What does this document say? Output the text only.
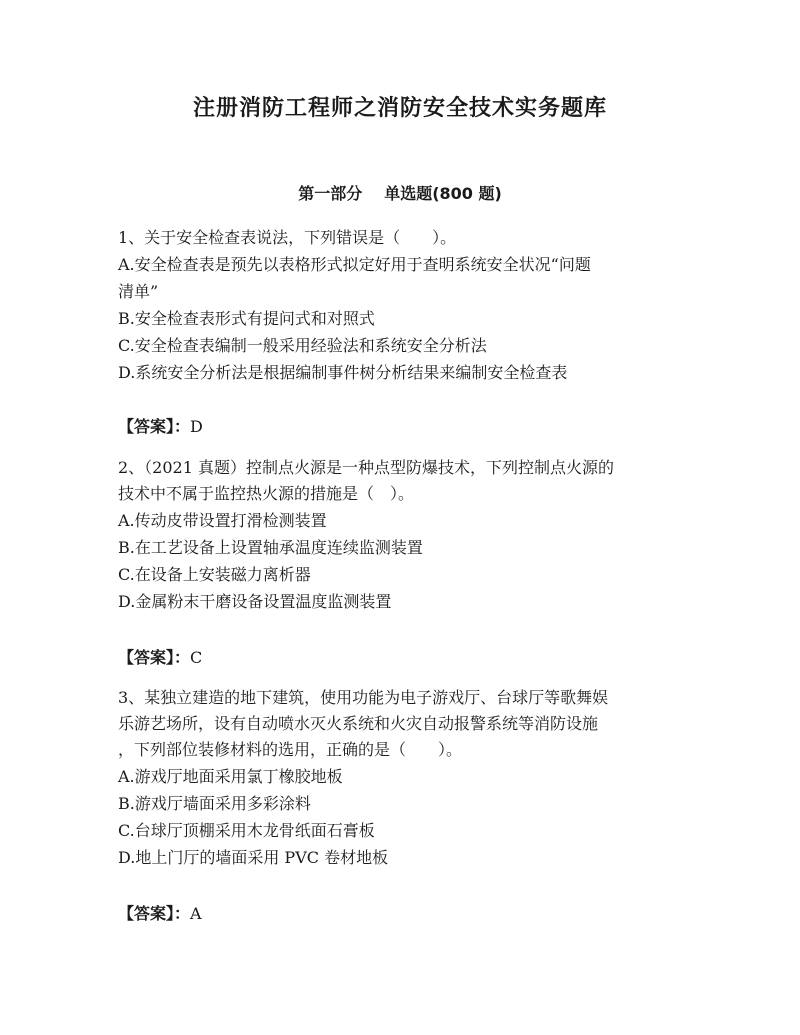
注册消防工程师之消防安全技术实务题库
第一部分 单选题(800 题)
1、关于安全检查表说法，下列错误是（　　）。
A.安全检查表是预先以表格形式拟定好用于查明系统安全状况“问题
清单”
B.安全检查表形式有提问式和对照式
C.安全检查表编制一般采用经验法和系统安全分析法
D.系统安全分析法是根据编制事件树分析结果来编制安全检查表
【答案】：D
2、（2021 真题）控制点火源是一种点型防爆技术，下列控制点火源的
技术中不属于监控热火源的措施是（　）。
A.传动皮带设置打滑检测装置
B.在工艺设备上设置轴承温度连续监测装置
C.在设备上安装磁力离析器
D.金属粉末干磨设备设置温度监测装置
【答案】：C
3、某独立建造的地下建筑，使用功能为电子游戏厅、台球厅等歌舞娱
乐游艺场所，设有自动喷水灭火系统和火灾自动报警系统等消防设施
，下列部位装修材料的选用，正确的是（　　）。
A.游戏厅地面采用氯丁橡胶地板
B.游戏厅墙面采用多彩涂料
C.台球厅顶棚采用木龙骨纸面石膏板
D.地上门厅的墙面采用 PVC 卷材地板
【答案】：A
